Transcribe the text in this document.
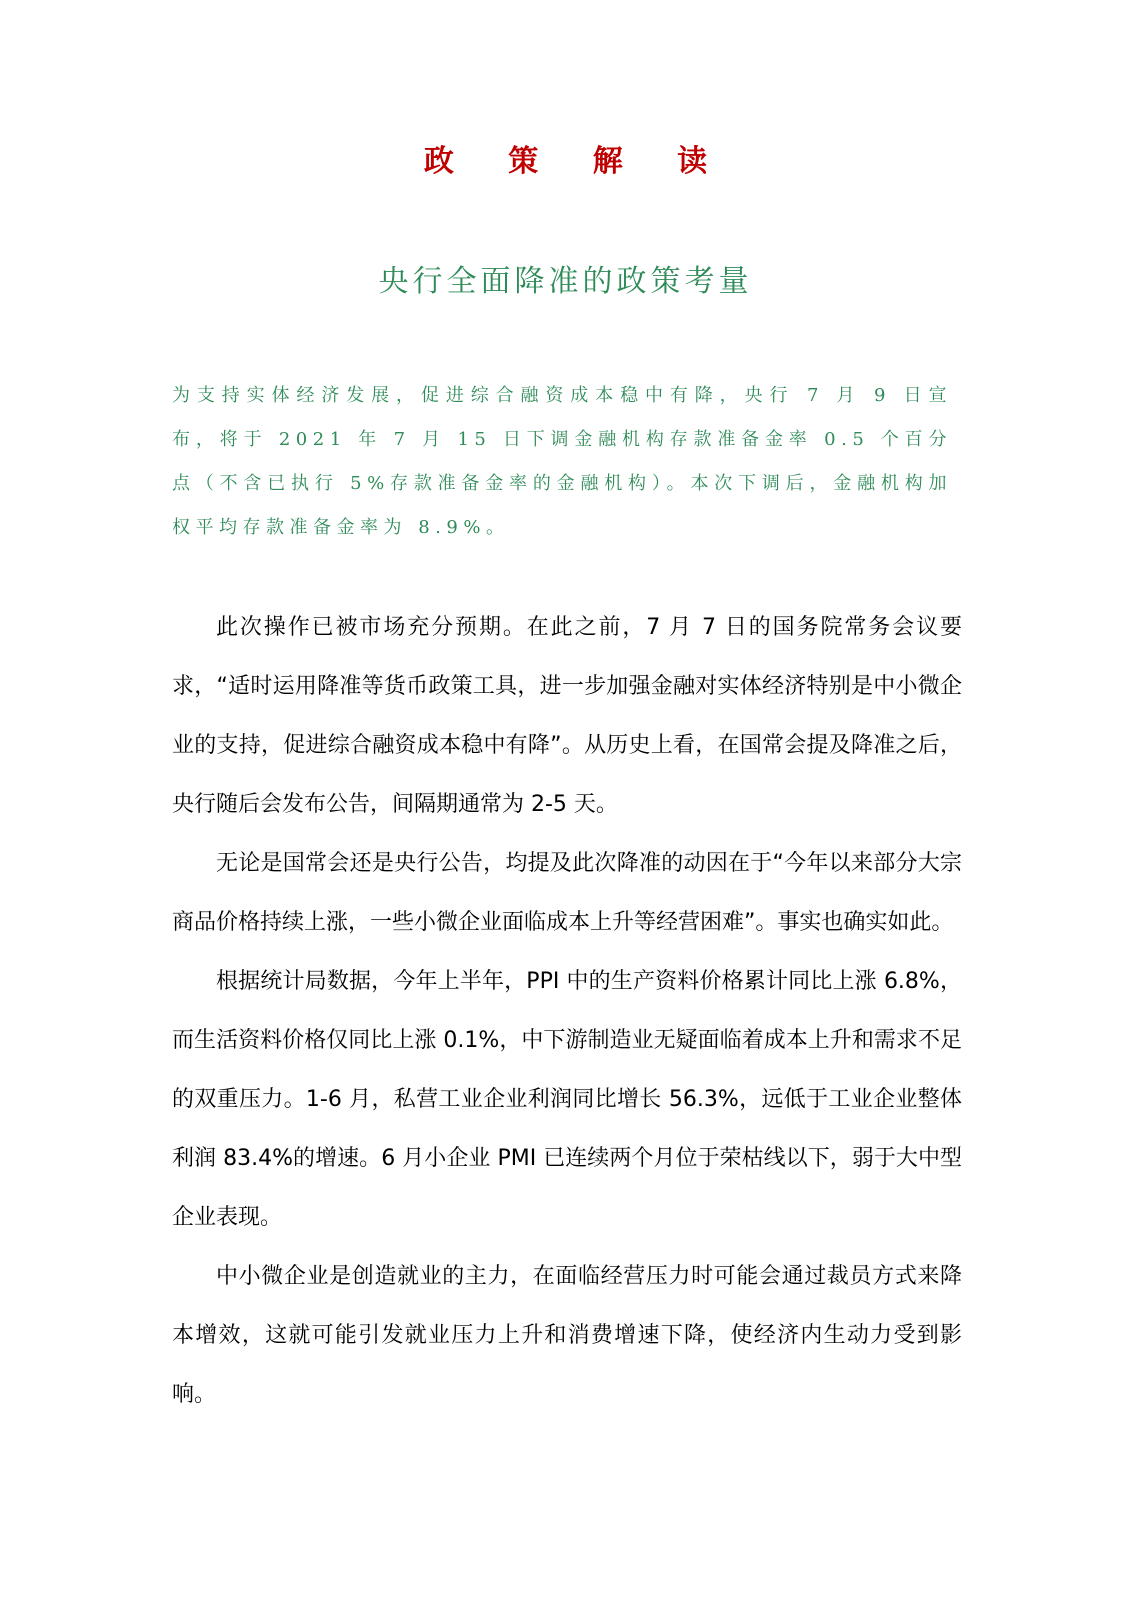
政 策 解 读
央行全面降准的政策考量

为支持实体经济发展，促进综合融资成本稳中有降，央行 7 月 9 日宣布，将于 2021 年 7 月 15 日下调金融机构存款准备金率 0.5 个百分点（不含已执行 5%存款准备金率的金融机构）。本次下调后，金融机构加权平均存款准备金率为 8.9%。

此次操作已被市场充分预期。在此之前，7 月 7 日的国务院常务会议要求，“适时运用降准等货币政策工具，进一步加强金融对实体经济特别是中小微企业的支持，促进综合融资成本稳中有降”。从历史上看，在国常会提及降准之后，央行随后会发布公告，间隔期通常为 2-5 天。

无论是国常会还是央行公告，均提及此次降准的动因在于“今年以来部分大宗商品价格持续上涨，一些小微企业面临成本上升等经营困难”。事实也确实如此。

根据统计局数据，今年上半年，PPI 中的生产资料价格累计同比上涨 6.8%，而生活资料价格仅同比上涨 0.1%，中下游制造业无疑面临着成本上升和需求不足的双重压力。1-6 月，私营工业企业利润同比增长 56.3%，远低于工业企业整体利润 83.4%的增速。6 月小企业 PMI 已连续两个月位于荣枯线以下，弱于大中型企业表现。

中小微企业是创造就业的主力，在面临经营压力时可能会通过裁员方式来降本增效，这就可能引发就业压力上升和消费增速下降，使经济内生动力受到影响。
